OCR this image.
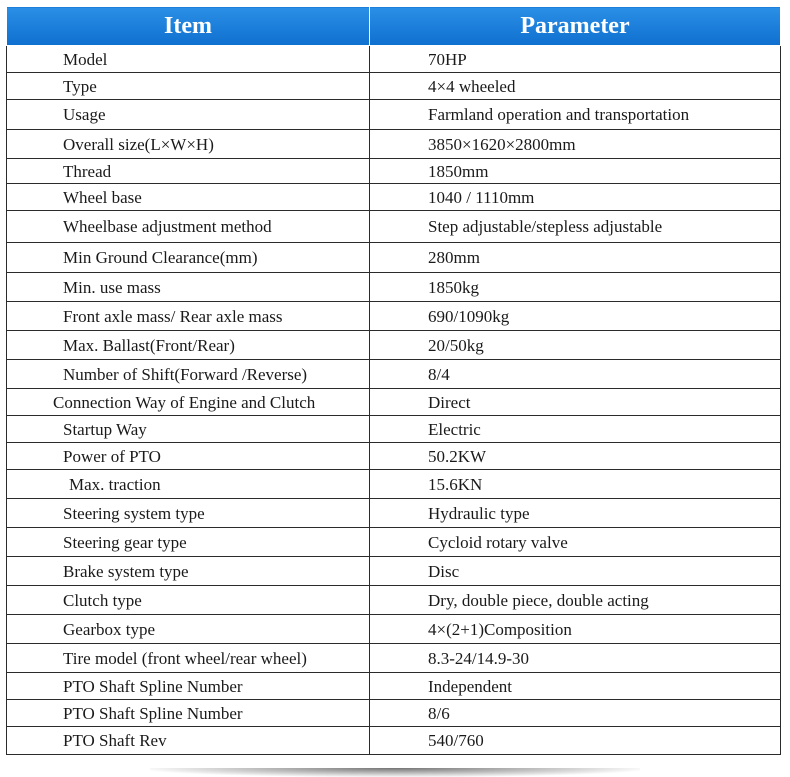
Item	Parameter
Model	70HP
Type	4×4 wheeled
Usage	Farmland operation and transportation
Overall size(L×W×H)	3850×1620×2800mm
Thread	1850mm
Wheel base	1040 / 1110mm
Wheelbase adjustment method	Step adjustable/stepless adjustable
Min Ground Clearance(mm)	280mm
Min. use mass	1850kg
Front axle mass/ Rear axle mass	690/1090kg
Max. Ballast(Front/Rear)	20/50kg
Number of Shift(Forward /Reverse)	8/4
Connection Way of Engine and Clutch	Direct
Startup Way	Electric
Power of PTO	50.2KW
Max. traction	15.6KN
Steering system type	Hydraulic type
Steering gear type	Cycloid rotary valve
Brake system type	Disc
Clutch type	Dry, double piece, double acting
Gearbox type	4×(2+1)Composition
Tire model (front wheel/rear wheel)	8.3-24/14.9-30
PTO Shaft Spline Number	Independent
PTO Shaft Spline Number	8/6
PTO Shaft Rev	540/760
